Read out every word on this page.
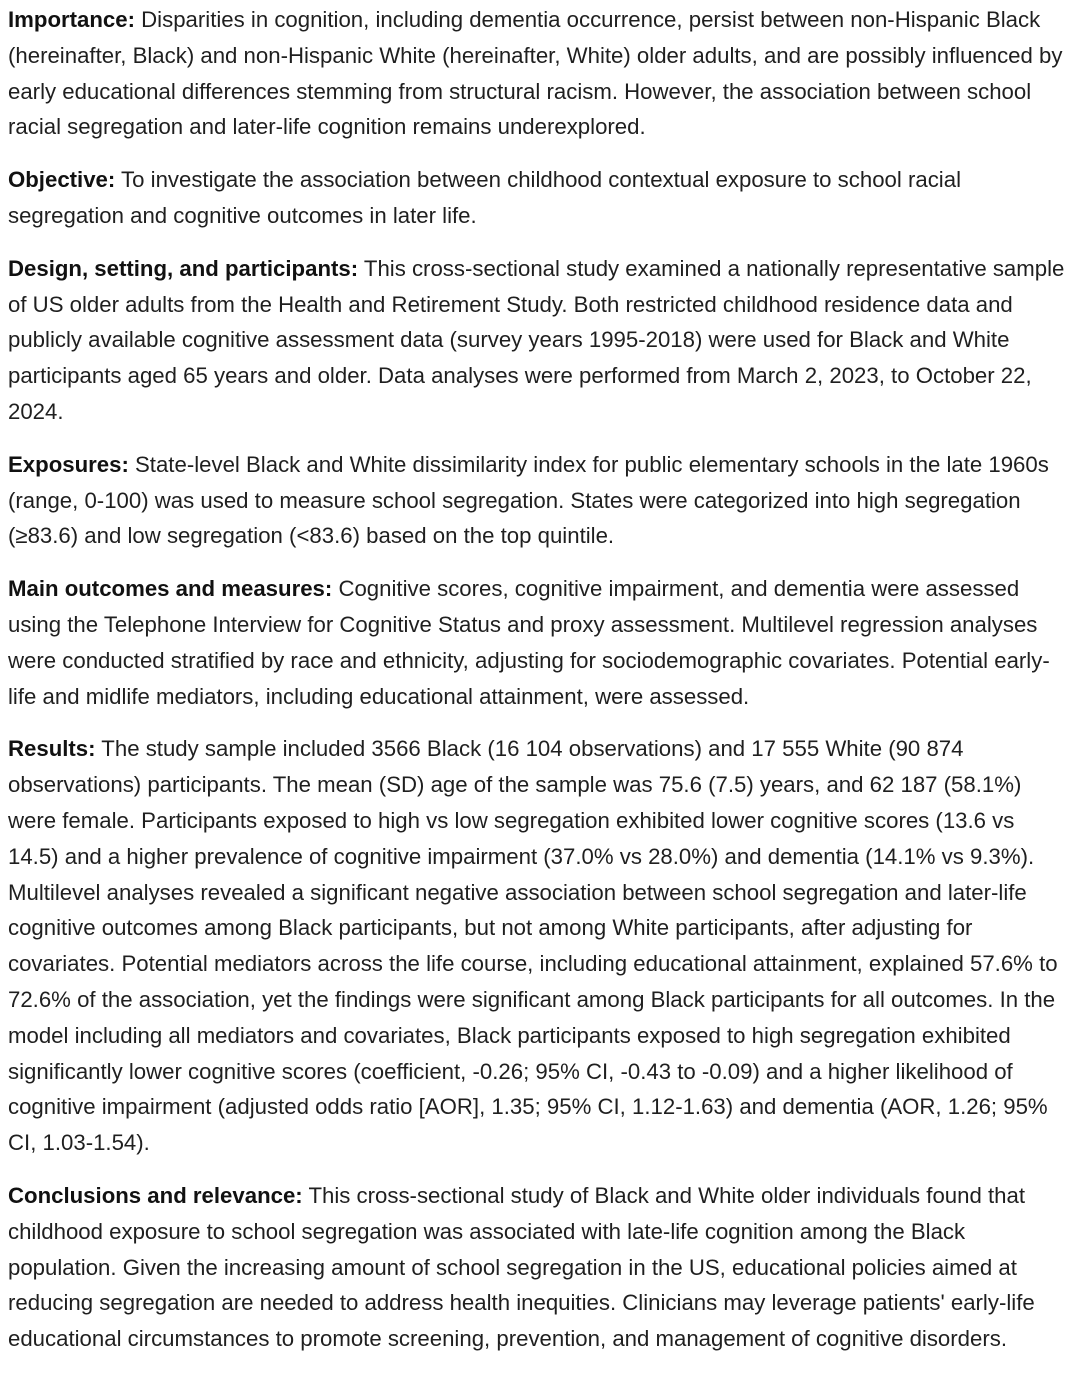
Importance: Disparities in cognition, including dementia occurrence, persist between non-Hispanic Black (hereinafter, Black) and non-Hispanic White (hereinafter, White) older adults, and are possibly influenced by early educational differences stemming from structural racism. However, the association between school racial segregation and later-life cognition remains underexplored.

Objective: To investigate the association between childhood contextual exposure to school racial segregation and cognitive outcomes in later life.

Design, setting, and participants: This cross-sectional study examined a nationally representative sample of US older adults from the Health and Retirement Study. Both restricted childhood residence data and publicly available cognitive assessment data (survey years 1995-2018) were used for Black and White participants aged 65 years and older. Data analyses were performed from March 2, 2023, to October 22, 2024.

Exposures: State-level Black and White dissimilarity index for public elementary schools in the late 1960s (range, 0-100) was used to measure school segregation. States were categorized into high segregation (≥83.6) and low segregation (<83.6) based on the top quintile.

Main outcomes and measures: Cognitive scores, cognitive impairment, and dementia were assessed using the Telephone Interview for Cognitive Status and proxy assessment. Multilevel regression analyses were conducted stratified by race and ethnicity, adjusting for sociodemographic covariates. Potential early-life and midlife mediators, including educational attainment, were assessed.

Results: The study sample included 3566 Black (16 104 observations) and 17 555 White (90 874 observations) participants. The mean (SD) age of the sample was 75.6 (7.5) years, and 62 187 (58.1%) were female. Participants exposed to high vs low segregation exhibited lower cognitive scores (13.6 vs 14.5) and a higher prevalence of cognitive impairment (37.0% vs 28.0%) and dementia (14.1% vs 9.3%). Multilevel analyses revealed a significant negative association between school segregation and later-life cognitive outcomes among Black participants, but not among White participants, after adjusting for covariates. Potential mediators across the life course, including educational attainment, explained 57.6% to 72.6% of the association, yet the findings were significant among Black participants for all outcomes. In the model including all mediators and covariates, Black participants exposed to high segregation exhibited significantly lower cognitive scores (coefficient, -0.26; 95% CI, -0.43 to -0.09) and a higher likelihood of cognitive impairment (adjusted odds ratio [AOR], 1.35; 95% CI, 1.12-1.63) and dementia (AOR, 1.26; 95% CI, 1.03-1.54).

Conclusions and relevance: This cross-sectional study of Black and White older individuals found that childhood exposure to school segregation was associated with late-life cognition among the Black population. Given the increasing amount of school segregation in the US, educational policies aimed at reducing segregation are needed to address health inequities. Clinicians may leverage patients' early-life educational circumstances to promote screening, prevention, and management of cognitive disorders.
